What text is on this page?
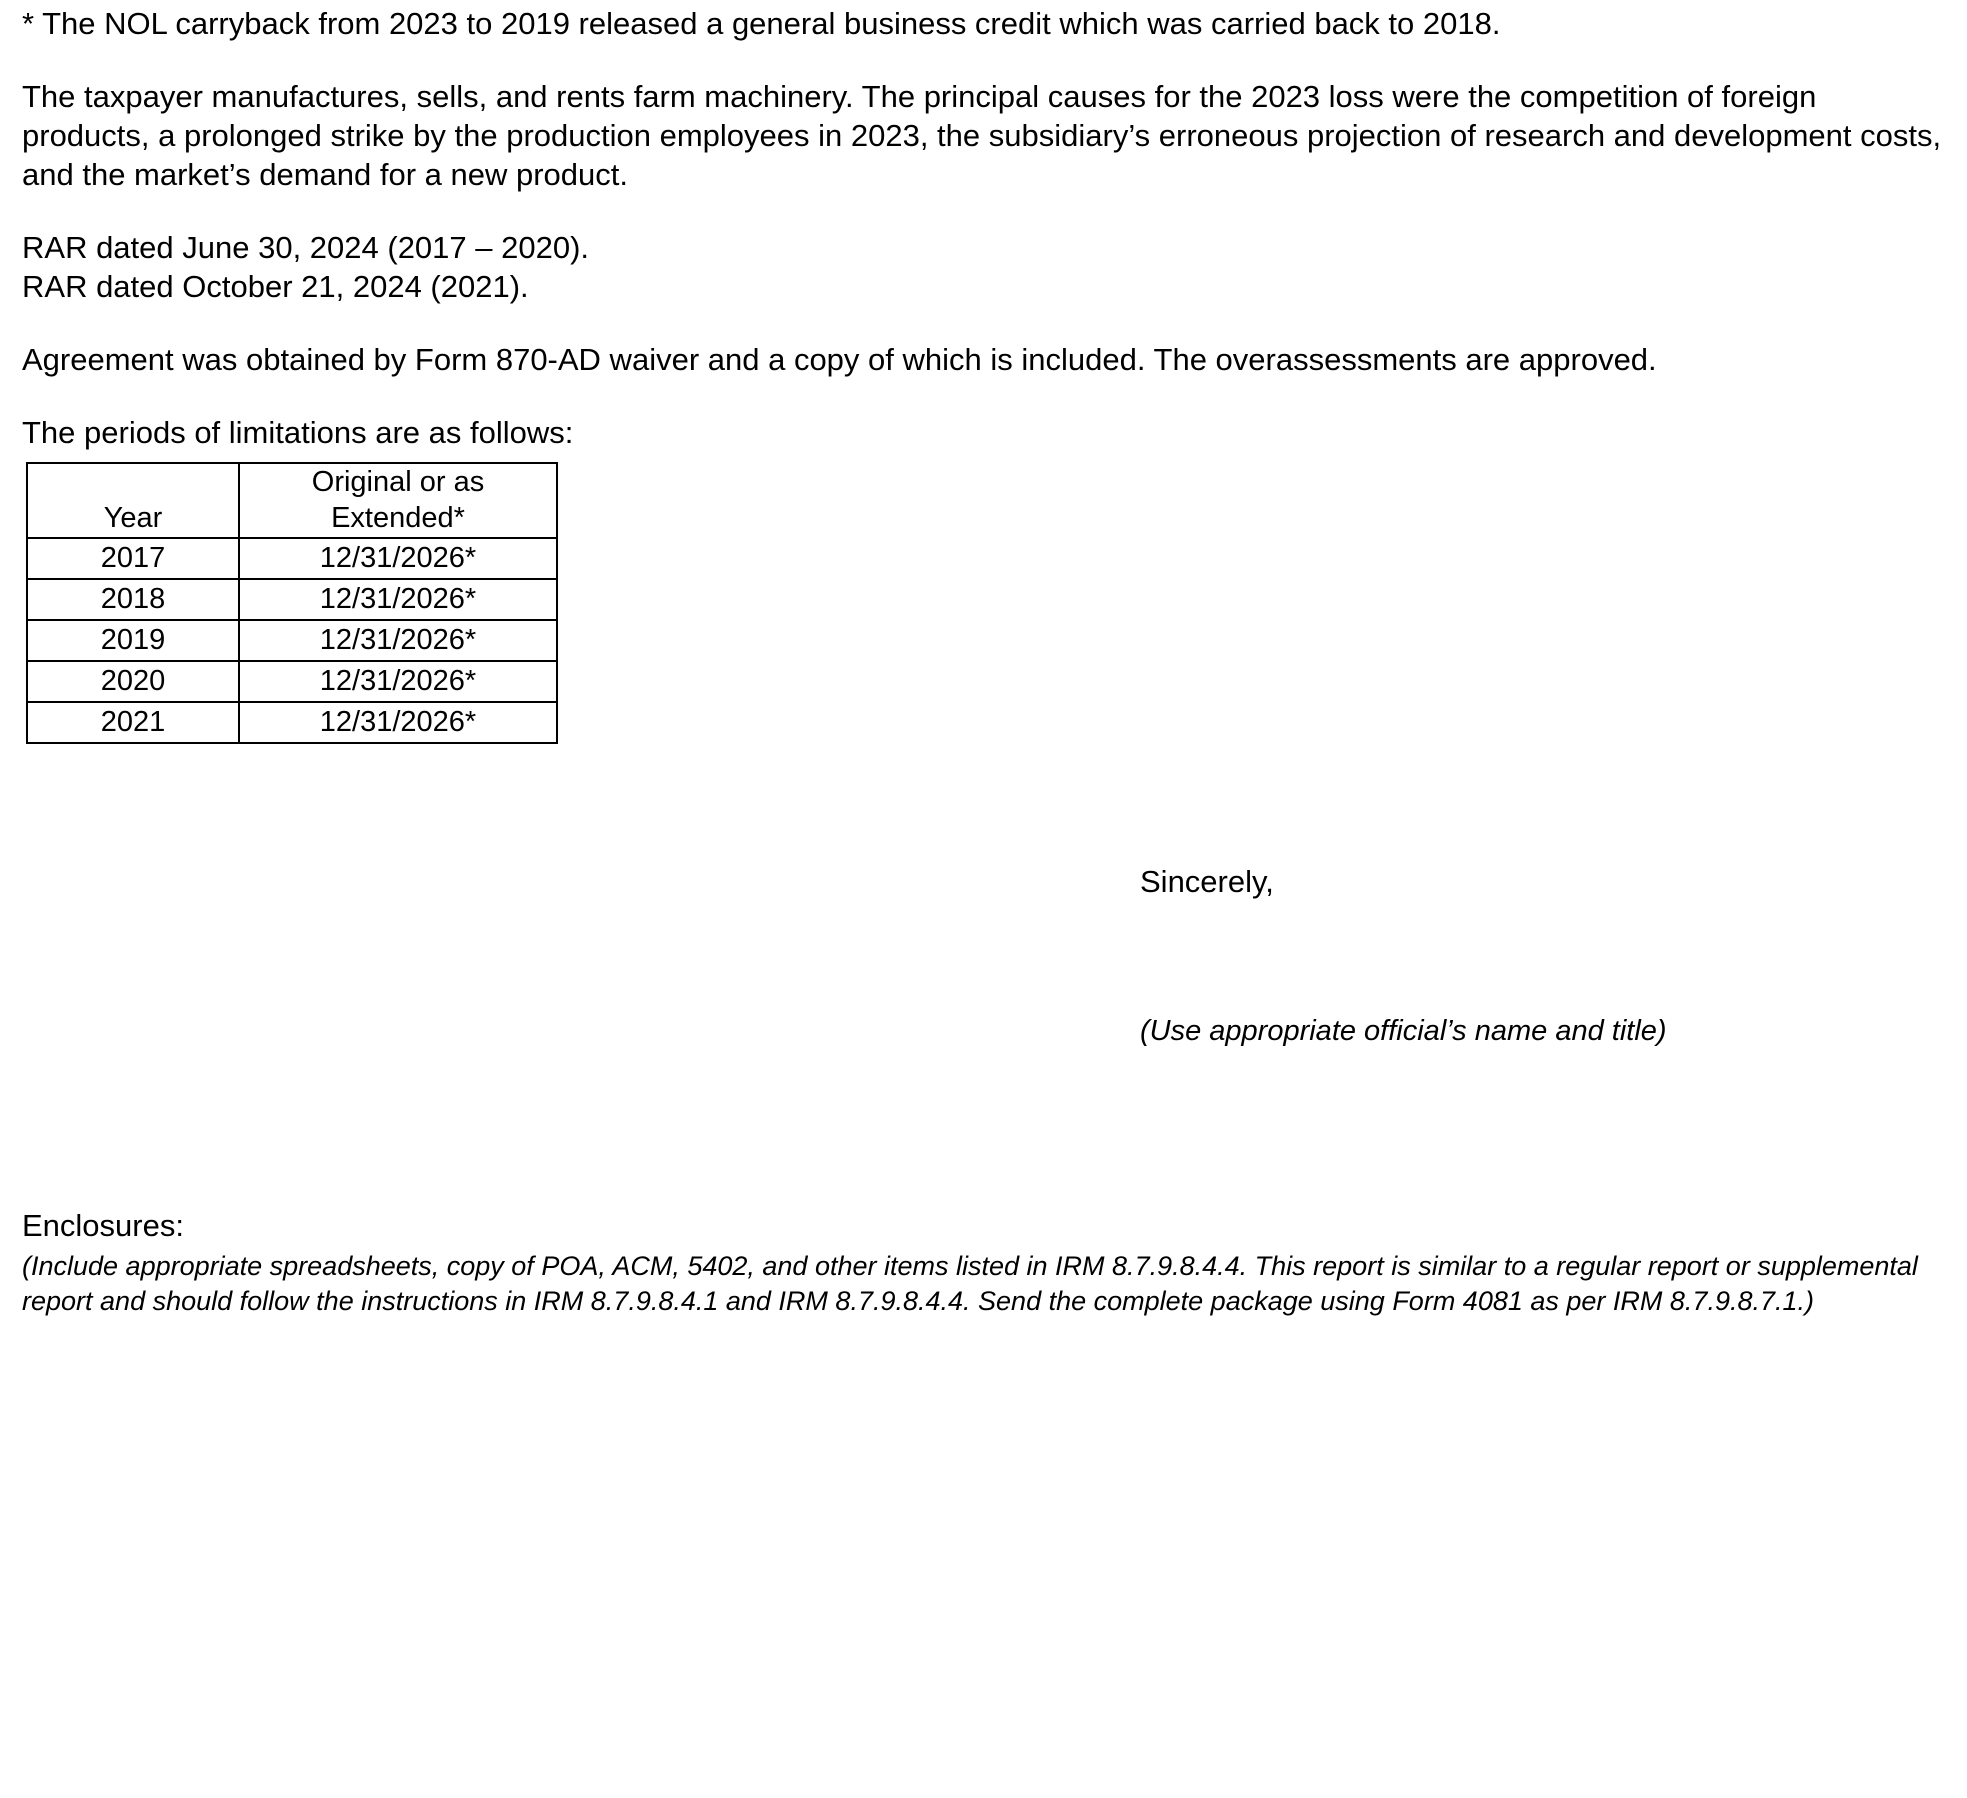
* The NOL carryback from 2023 to 2019 released a general business credit which was carried back to 2018.

The taxpayer manufactures, sells, and rents farm machinery. The principal causes for the 2023 loss were the competition of foreign products, a prolonged strike by the production employees in 2023, the subsidiary’s erroneous projection of research and development costs, and the market’s demand for a new product.

RAR dated June 30, 2024 (2017 – 2020).
RAR dated October 21, 2024 (2021).

Agreement was obtained by Form 870-AD waiver and a copy of which is included. The overassessments are approved.

The periods of limitations are as follows:
Year	Original or as
Extended*

2017	12/31/2026*
2018	12/31/2026*
2019	12/31/2026*
2020	12/31/2026*
2021	12/31/2026*
Sincerely,
(Use appropriate official’s name and title)
Enclosures:
(Include appropriate spreadsheets, copy of POA, ACM, 5402, and other items listed in IRM 8.7.9.8.4.4. This report is similar to a regular report or supplemental report and should follow the instructions in IRM 8.7.9.8.4.1 and IRM 8.7.9.8.4.4. Send the complete package using Form 4081 as per IRM 8.7.9.8.7.1.)
